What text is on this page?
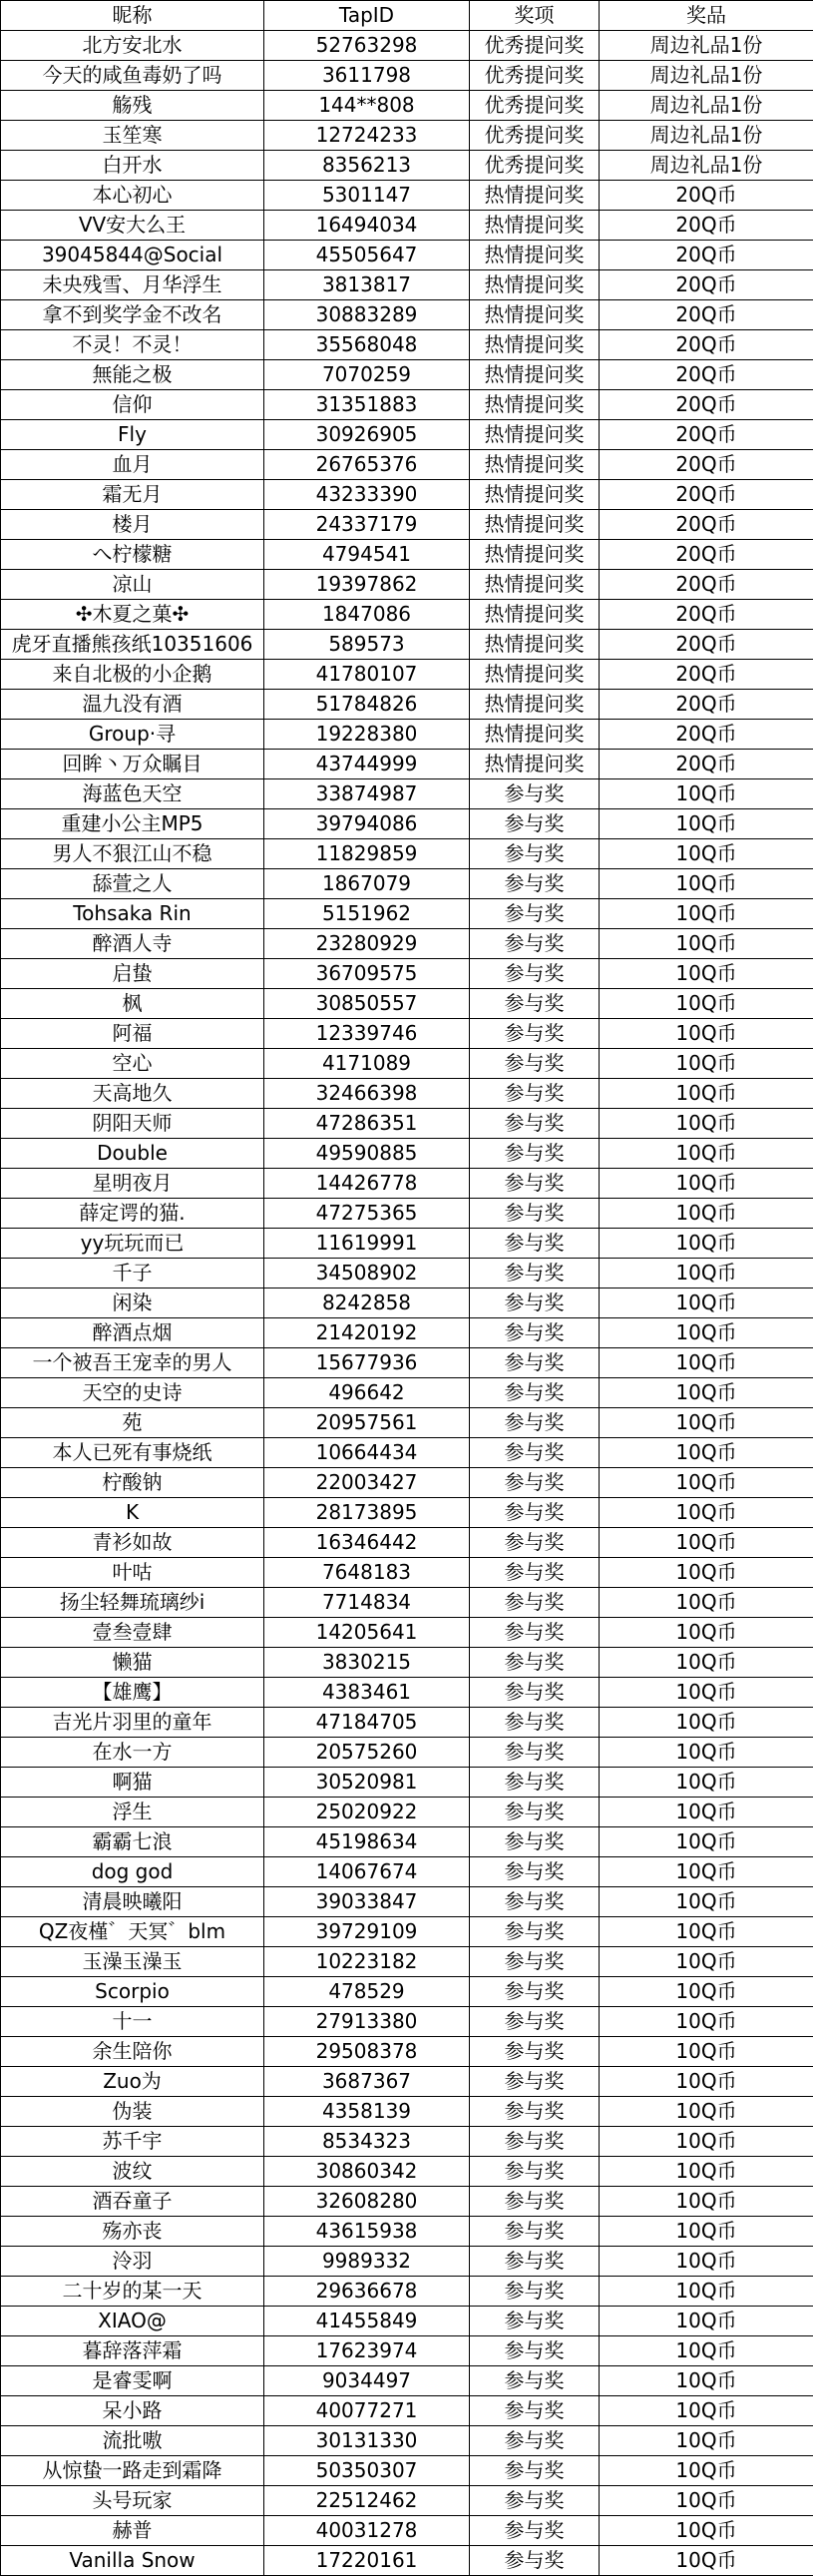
昵称	TapID	奖项	奖品
北方安北水	52763298	优秀提问奖	周边礼品1份
今天的咸鱼毒奶了吗	3611798	优秀提问奖	周边礼品1份
觞残	144**808	优秀提问奖	周边礼品1份
玉笙寒	12724233	优秀提问奖	周边礼品1份
白开水	8356213	优秀提问奖	周边礼品1份
本心初心	5301147	热情提问奖	20Q币
VV安大么王	16494034	热情提问奖	20Q币
39045844@Social	45505647	热情提问奖	20Q币
未央残雪、月华浮生	3813817	热情提问奖	20Q币
拿不到奖学金不改名	30883289	热情提问奖	20Q币
不灵！不灵！	35568048	热情提问奖	20Q币
無能之极	7070259	热情提问奖	20Q币
信仰	31351883	热情提问奖	20Q币
Fly	30926905	热情提问奖	20Q币
血月	26765376	热情提问奖	20Q币
霜无月	43233390	热情提问奖	20Q币
楼月	24337179	热情提问奖	20Q币
へ柠檬糖	4794541	热情提问奖	20Q币
凉山	19397862	热情提问奖	20Q币
✣木夏之菓✣	1847086	热情提问奖	20Q币
虎牙直播熊孩纸10351606	589573	热情提问奖	20Q币
来自北极的小企鹅	41780107	热情提问奖	20Q币
温九没有酒	51784826	热情提问奖	20Q币
Group·寻	19228380	热情提问奖	20Q币
回眸丶万众瞩目	43744999	热情提问奖	20Q币
海蓝色天空	33874987	参与奖	10Q币
重建小公主MP5	39794086	参与奖	10Q币
男人不狠江山不稳	11829859	参与奖	10Q币
舔萱之人	1867079	参与奖	10Q币
Tohsaka Rin	5151962	参与奖	10Q币
醉酒人寺	23280929	参与奖	10Q币
启蛰	36709575	参与奖	10Q币
枫	30850557	参与奖	10Q币
阿福	12339746	参与奖	10Q币
空心	4171089	参与奖	10Q币
天高地久	32466398	参与奖	10Q币
阴阳天师	47286351	参与奖	10Q币
Double	49590885	参与奖	10Q币
星明夜月	14426778	参与奖	10Q币
薛定谔的猫.	47275365	参与奖	10Q币
yy玩玩而已	11619991	参与奖	10Q币
千子	34508902	参与奖	10Q币
闲染	8242858	参与奖	10Q币
醉酒点烟	21420192	参与奖	10Q币
一个被吾王宠幸的男人	15677936	参与奖	10Q币
天空的史诗	496642	参与奖	10Q币
苑	20957561	参与奖	10Q币
本人已死有事烧纸	10664434	参与奖	10Q币
柠酸钠	22003427	参与奖	10Q币
K	28173895	参与奖	10Q币
青衫如故	16346442	参与奖	10Q币
叶咕	7648183	参与奖	10Q币
扬尘轻舞琉璃纱i	7714834	参与奖	10Q币
壹叁壹肆	14205641	参与奖	10Q币
懒猫	3830215	参与奖	10Q币
【雄鹰】	4383461	参与奖	10Q币
吉光片羽里的童年	47184705	参与奖	10Q币
在水一方	20575260	参与奖	10Q币
啊猫	30520981	参与奖	10Q币
浮生	25020922	参与奖	10Q币
霸霸七浪	45198634	参与奖	10Q币
dog god	14067674	参与奖	10Q币
清晨映曦阳	39033847	参与奖	10Q币
QZ夜槿゛天冥゛blm	39729109	参与奖	10Q币
玉澡玉澡玉	10223182	参与奖	10Q币
Scorpio	478529	参与奖	10Q币
十一	27913380	参与奖	10Q币
余生陪你	29508378	参与奖	10Q币
Zuo为	3687367	参与奖	10Q币
伪装	4358139	参与奖	10Q币
苏千宇	8534323	参与奖	10Q币
波纹	30860342	参与奖	10Q币
酒吞童子	32608280	参与奖	10Q币
殇亦丧	43615938	参与奖	10Q币
泠羽	9989332	参与奖	10Q币
二十岁的某一天	29636678	参与奖	10Q币
XIAO@	41455849	参与奖	10Q币
暮辞落萍霜	17623974	参与奖	10Q币
是睿雯啊	9034497	参与奖	10Q币
呆小路	40077271	参与奖	10Q币
流批嗷	30131330	参与奖	10Q币
从惊蛰一路走到霜降	50350307	参与奖	10Q币
头号玩家	22512462	参与奖	10Q币
赫普	40031278	参与奖	10Q币
Vanilla Snow	17220161	参与奖	10Q币
